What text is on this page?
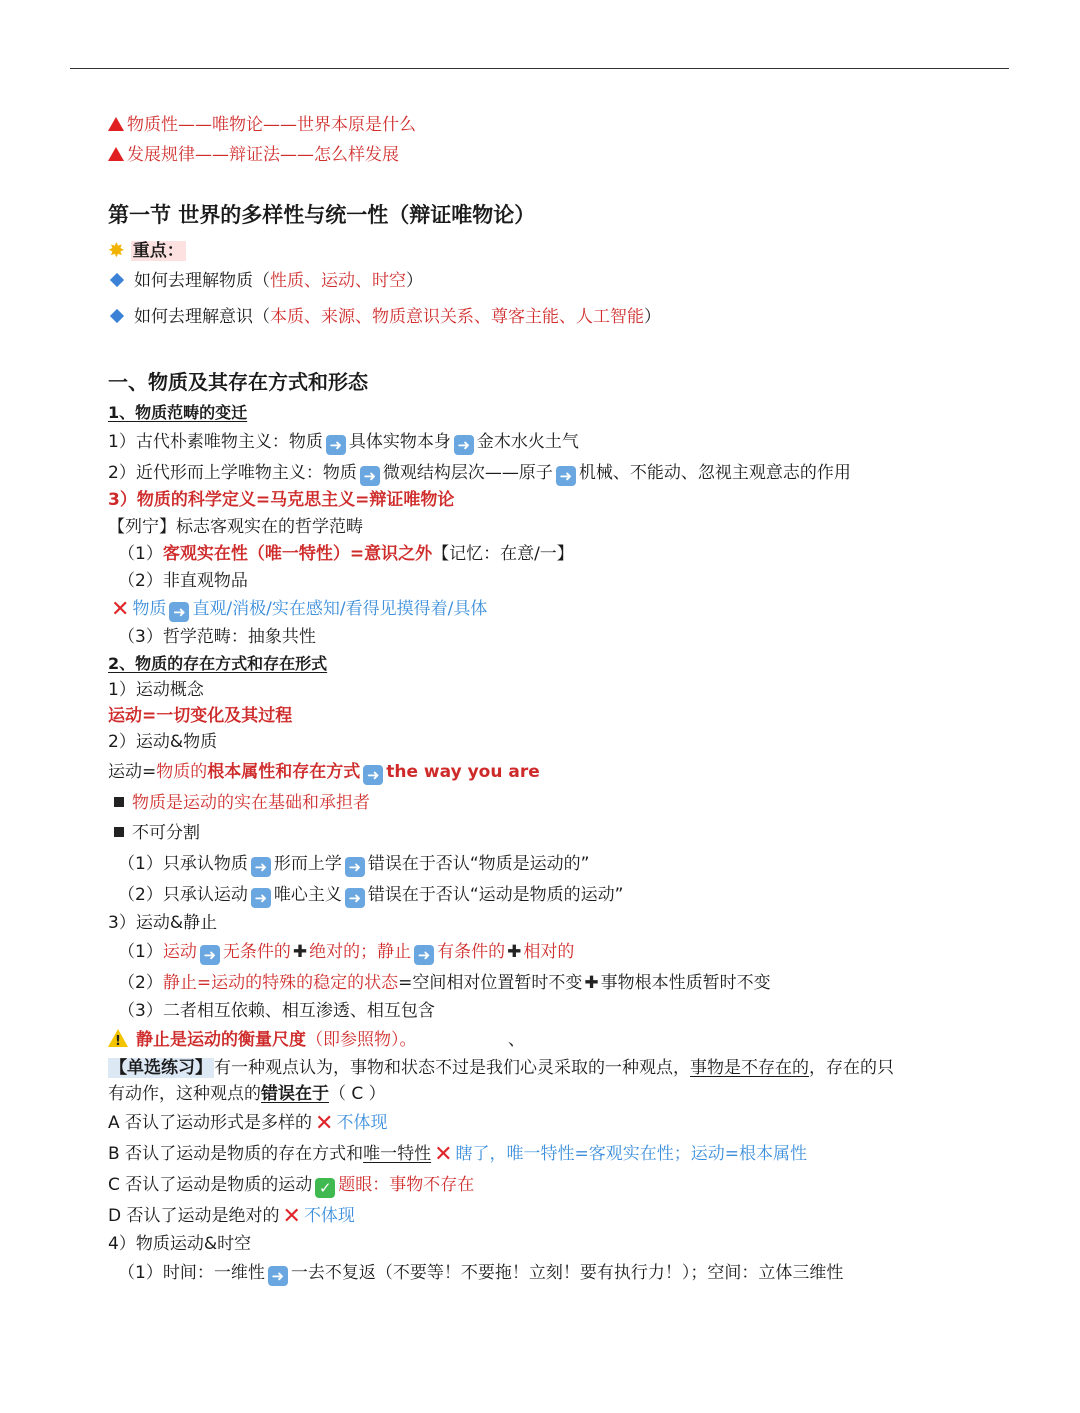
物质性——唯物论——世界本原是什么
发展规律——辩证法——怎么样发展
第一节 世界的多样性与统一性（辩证唯物论）
✸ 重点：
如何去理解物质（性质、运动、时空）
如何去理解意识（本质、来源、物质意识关系、尊客主能、人工智能）
一、物质及其存在方式和形态
1、物质范畴的变迁
1）古代朴素唯物主义：物质 ➜ 具体实物本身 ➜ 金木水火土气
2）近代形而上学唯物主义：物质 ➜ 微观结构层次——原子 ➜ 机械、不能动、忽视主观意志的作用
3）物质的科学定义=马克思主义=辩证唯物论
【列宁】标志客观实在的哲学范畴
（1）客观实在性（唯一特性）=意识之外【记忆：在意/一】
（2）非直观物品
✕ 物质 ➜ 直观/消极/实在感知/看得见摸得着/具体
（3）哲学范畴：抽象共性
2、物质的存在方式和存在形式
1）运动概念
运动=一切变化及其过程
2）运动&物质
运动=物质的根本属性和存在方式 ➜ the way you are
物质是运动的实在基础和承担者
不可分割
（1）只承认物质 ➜ 形而上学 ➜ 错误在于否认“物质是运动的”
（2）只承认运动 ➜ 唯心主义 ➜ 错误在于否认“运动是物质的运动”
3）运动&静止
（1）运动 ➜ 无条件的 ✚ 绝对的；静止 ➜ 有条件的 ✚ 相对的
（2）静止=运动的特殊的稳定的状态=空间相对位置暂时不变 ✚ 事物根本性质暂时不变
（3）二者相互依赖、相互渗透、相互包含
!静止是运动的衡量尺度（即参照物）。	、
【单选练习】 有一种观点认为，事物和状态不过是我们心灵采取的一种观点，事物是不存在的，存在的只
有动作，这种观点的错误在于（ C ）
A 否认了运动形式是多样的 ✕ 不体现
B 否认了运动是物质的存在方式和唯一特性 ✕ 瞎了，唯一特性=客观实在性；运动=根本属性
C 否认了运动是物质的运动 ✓ 题眼：事物不存在
D 否认了运动是绝对的 ✕ 不体现
4）物质运动&时空
（1）时间：一维性 ➜ 一去不复返（不要等！不要拖！立刻！要有执行力！）；空间：立体三维性
